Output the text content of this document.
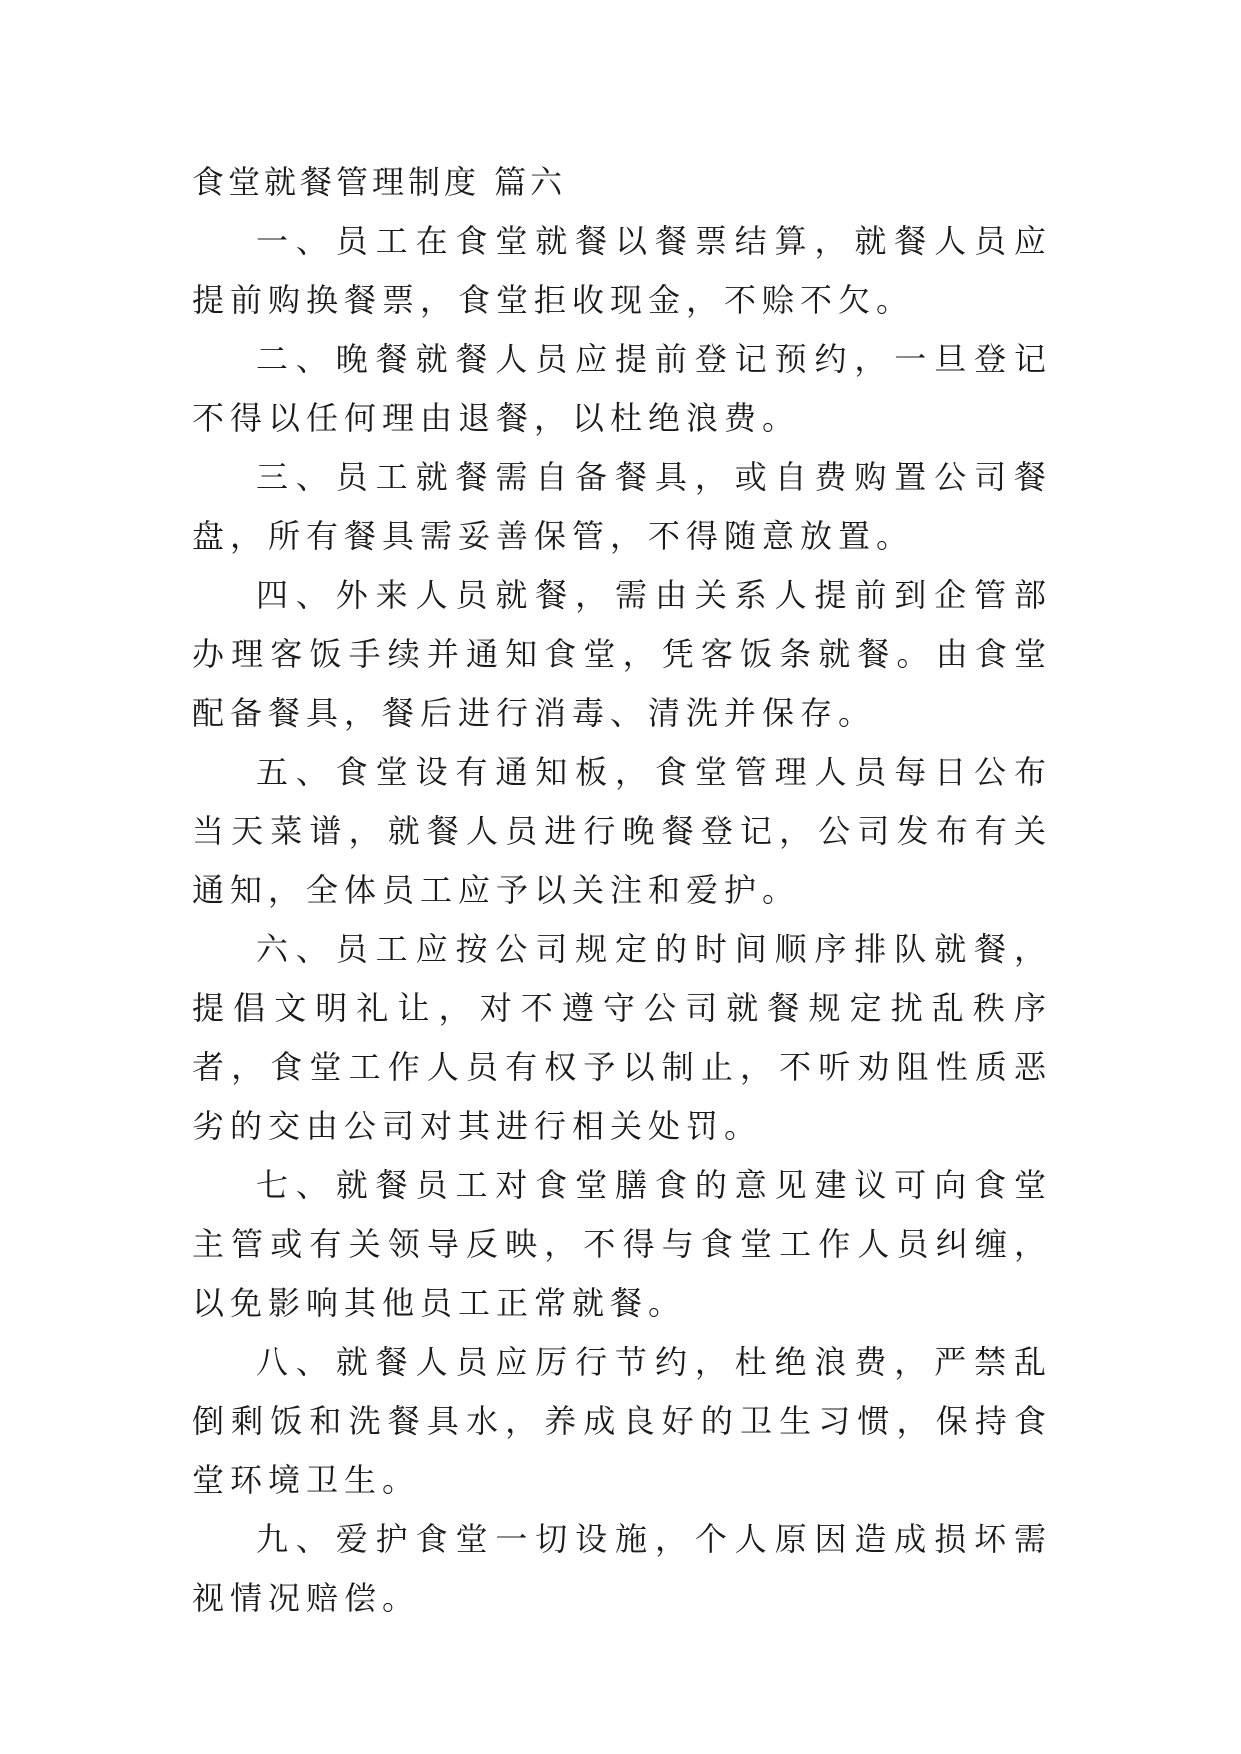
食堂就餐管理制度 篇六

一、员工在食堂就餐以餐票结算，就餐人员应提前购换餐票，食堂拒收现金，不赊不欠。

二、晚餐就餐人员应提前登记预约，一旦登记不得以任何理由退餐，以杜绝浪费。

三、员工就餐需自备餐具，或自费购置公司餐盘，所有餐具需妥善保管，不得随意放置。

四、外来人员就餐，需由关系人提前到企管部办理客饭手续并通知食堂，凭客饭条就餐。由食堂配备餐具，餐后进行消毒、清洗并保存。

五、食堂设有通知板，食堂管理人员每日公布当天菜谱，就餐人员进行晚餐登记，公司发布有关通知，全体员工应予以关注和爱护。

六、员工应按公司规定的时间顺序排队就餐，提倡文明礼让，对不遵守公司就餐规定扰乱秩序者，食堂工作人员有权予以制止，不听劝阻性质恶劣的交由公司对其进行相关处罚。

七、就餐员工对食堂膳食的意见建议可向食堂主管或有关领导反映，不得与食堂工作人员纠缠，以免影响其他员工正常就餐。

八、就餐人员应厉行节约，杜绝浪费，严禁乱倒剩饭和洗餐具水，养成良好的卫生习惯，保持食堂环境卫生。

九、爱护食堂一切设施，个人原因造成损坏需视情况赔偿。
